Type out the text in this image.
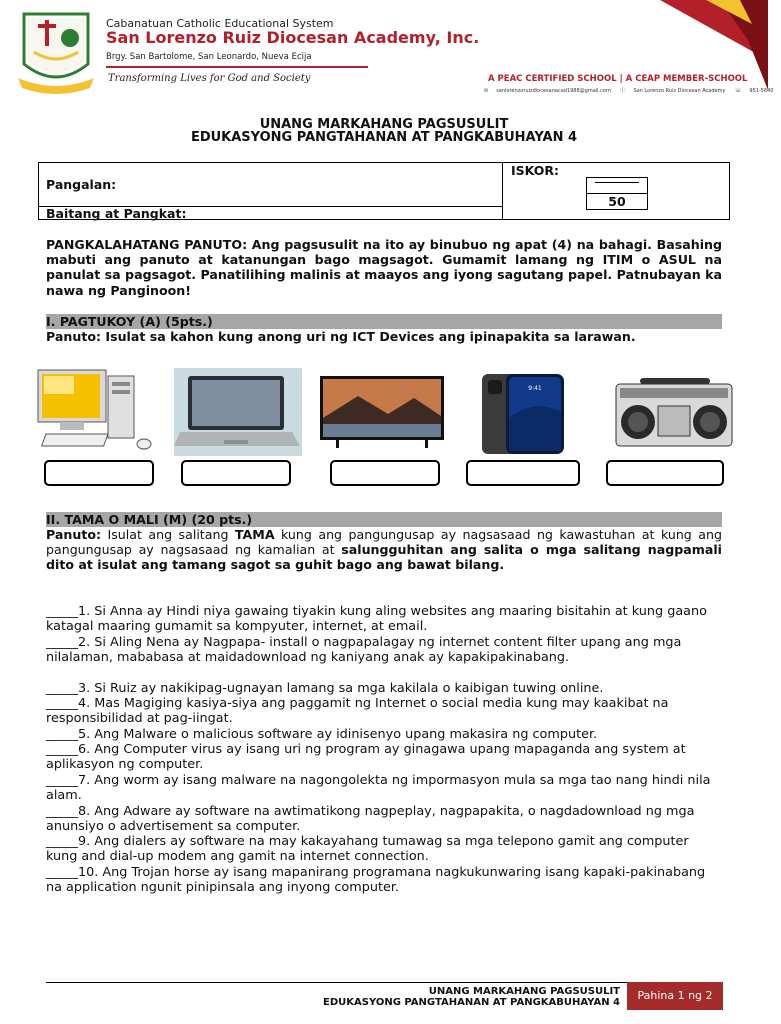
Cabanatuan Catholic Educational System
San Lorenzo Ruiz Diocesan Academy, Inc.
Brgy. San Bartolome, San Leonardo, Nueva Ecija
Transforming Lives for God and Society	A PEAC CERTIFIED SCHOOL | A CEAP MEMBER-SCHOOL
✉ sanlorenzoruizdiocesanacad1988@gmail.com ⓕ San Lorenzo Ruiz Diocesan Academy ☏ 951-5640
UNANG MARKAHANG PAGSUSULIT
EDUKASYONG PANGTAHANAN AT PANGKABUHAYAN 4
Pangalan:
Baitang at Pangkat:
ISKOR:
50
PANGKALAHATANG PANUTO: Ang pagsusulit na ito ay binubuo ng apat (4) na bahagi. Basahing mabuti ang panuto at katanungan bago magsagot. Gumamit lamang ng ITIM o ASUL na panulat sa pagsagot. Panatilihing malinis at maayos ang iyong sagutang papel. Patnubayan ka nawa ng Panginoon!
I. PAGTUKOY (A) (5pts.)
Panuto: Isulat sa kahon kung anong uri ng ICT Devices ang ipinapakita sa larawan.
9:41
II. TAMA O MALI (M) (20 pts.)
Panuto: Isulat ang salitang TAMA kung ang pangungusap ay nagsasaad ng kawastuhan at kung ang pangungusap ay nagsasaad ng kamalian at salungguhitan ang salita o mga salitang nagpamali dito at isulat ang tamang sagot sa guhit bago ang bawat bilang.
_____1. Si Anna ay Hindi niya gawaing tiyakin kung aling websites ang maaring bisitahin at kung gaano katagal maaring gumamit sa kompyuter, internet, at email.
_____2. Si Aling Nena ay Nagpapa- install o nagpapalagay ng internet content filter upang ang mga nilalaman, mababasa at maidadownload ng kaniyang anak ay kapakipakinabang.
_____3. Si Ruiz ay nakikipag-ugnayan lamang sa mga kakilala o kaibigan tuwing online.
_____4. Mas Magiging kasiya-siya ang paggamit ng Internet o social media kung may kaakibat na responsibilidad at pag-iingat.
_____5. Ang Malware o malicious software ay idinisenyo upang makasira ng computer.
_____6. Ang Computer virus ay isang uri ng program ay ginagawa upang mapaganda ang system at aplikasyon ng computer.
_____7. Ang worm ay isang malware na nagongolekta ng impormasyon mula sa mga tao nang hindi nila alam.
_____8. Ang Adware ay software na awtimatikong nagpeplay, nagpapakita, o nagdadownload ng mga anunsiyo o advertisement sa computer.
_____9. Ang dialers ay software na may kakayahang tumawag sa mga telepono gamit ang computer kung and dial-up modem ang gamit na internet connection.
_____10. Ang Trojan horse ay isang mapanirang programana nagkukunwaring isang kapaki-pakinabang na application ngunit pinipinsala ang inyong computer.
UNANG MARKAHANG PAGSUSULIT
EDUKASYONG PANGTAHANAN AT PANGKABUHAYAN 4
Pahina 1 ng 2
